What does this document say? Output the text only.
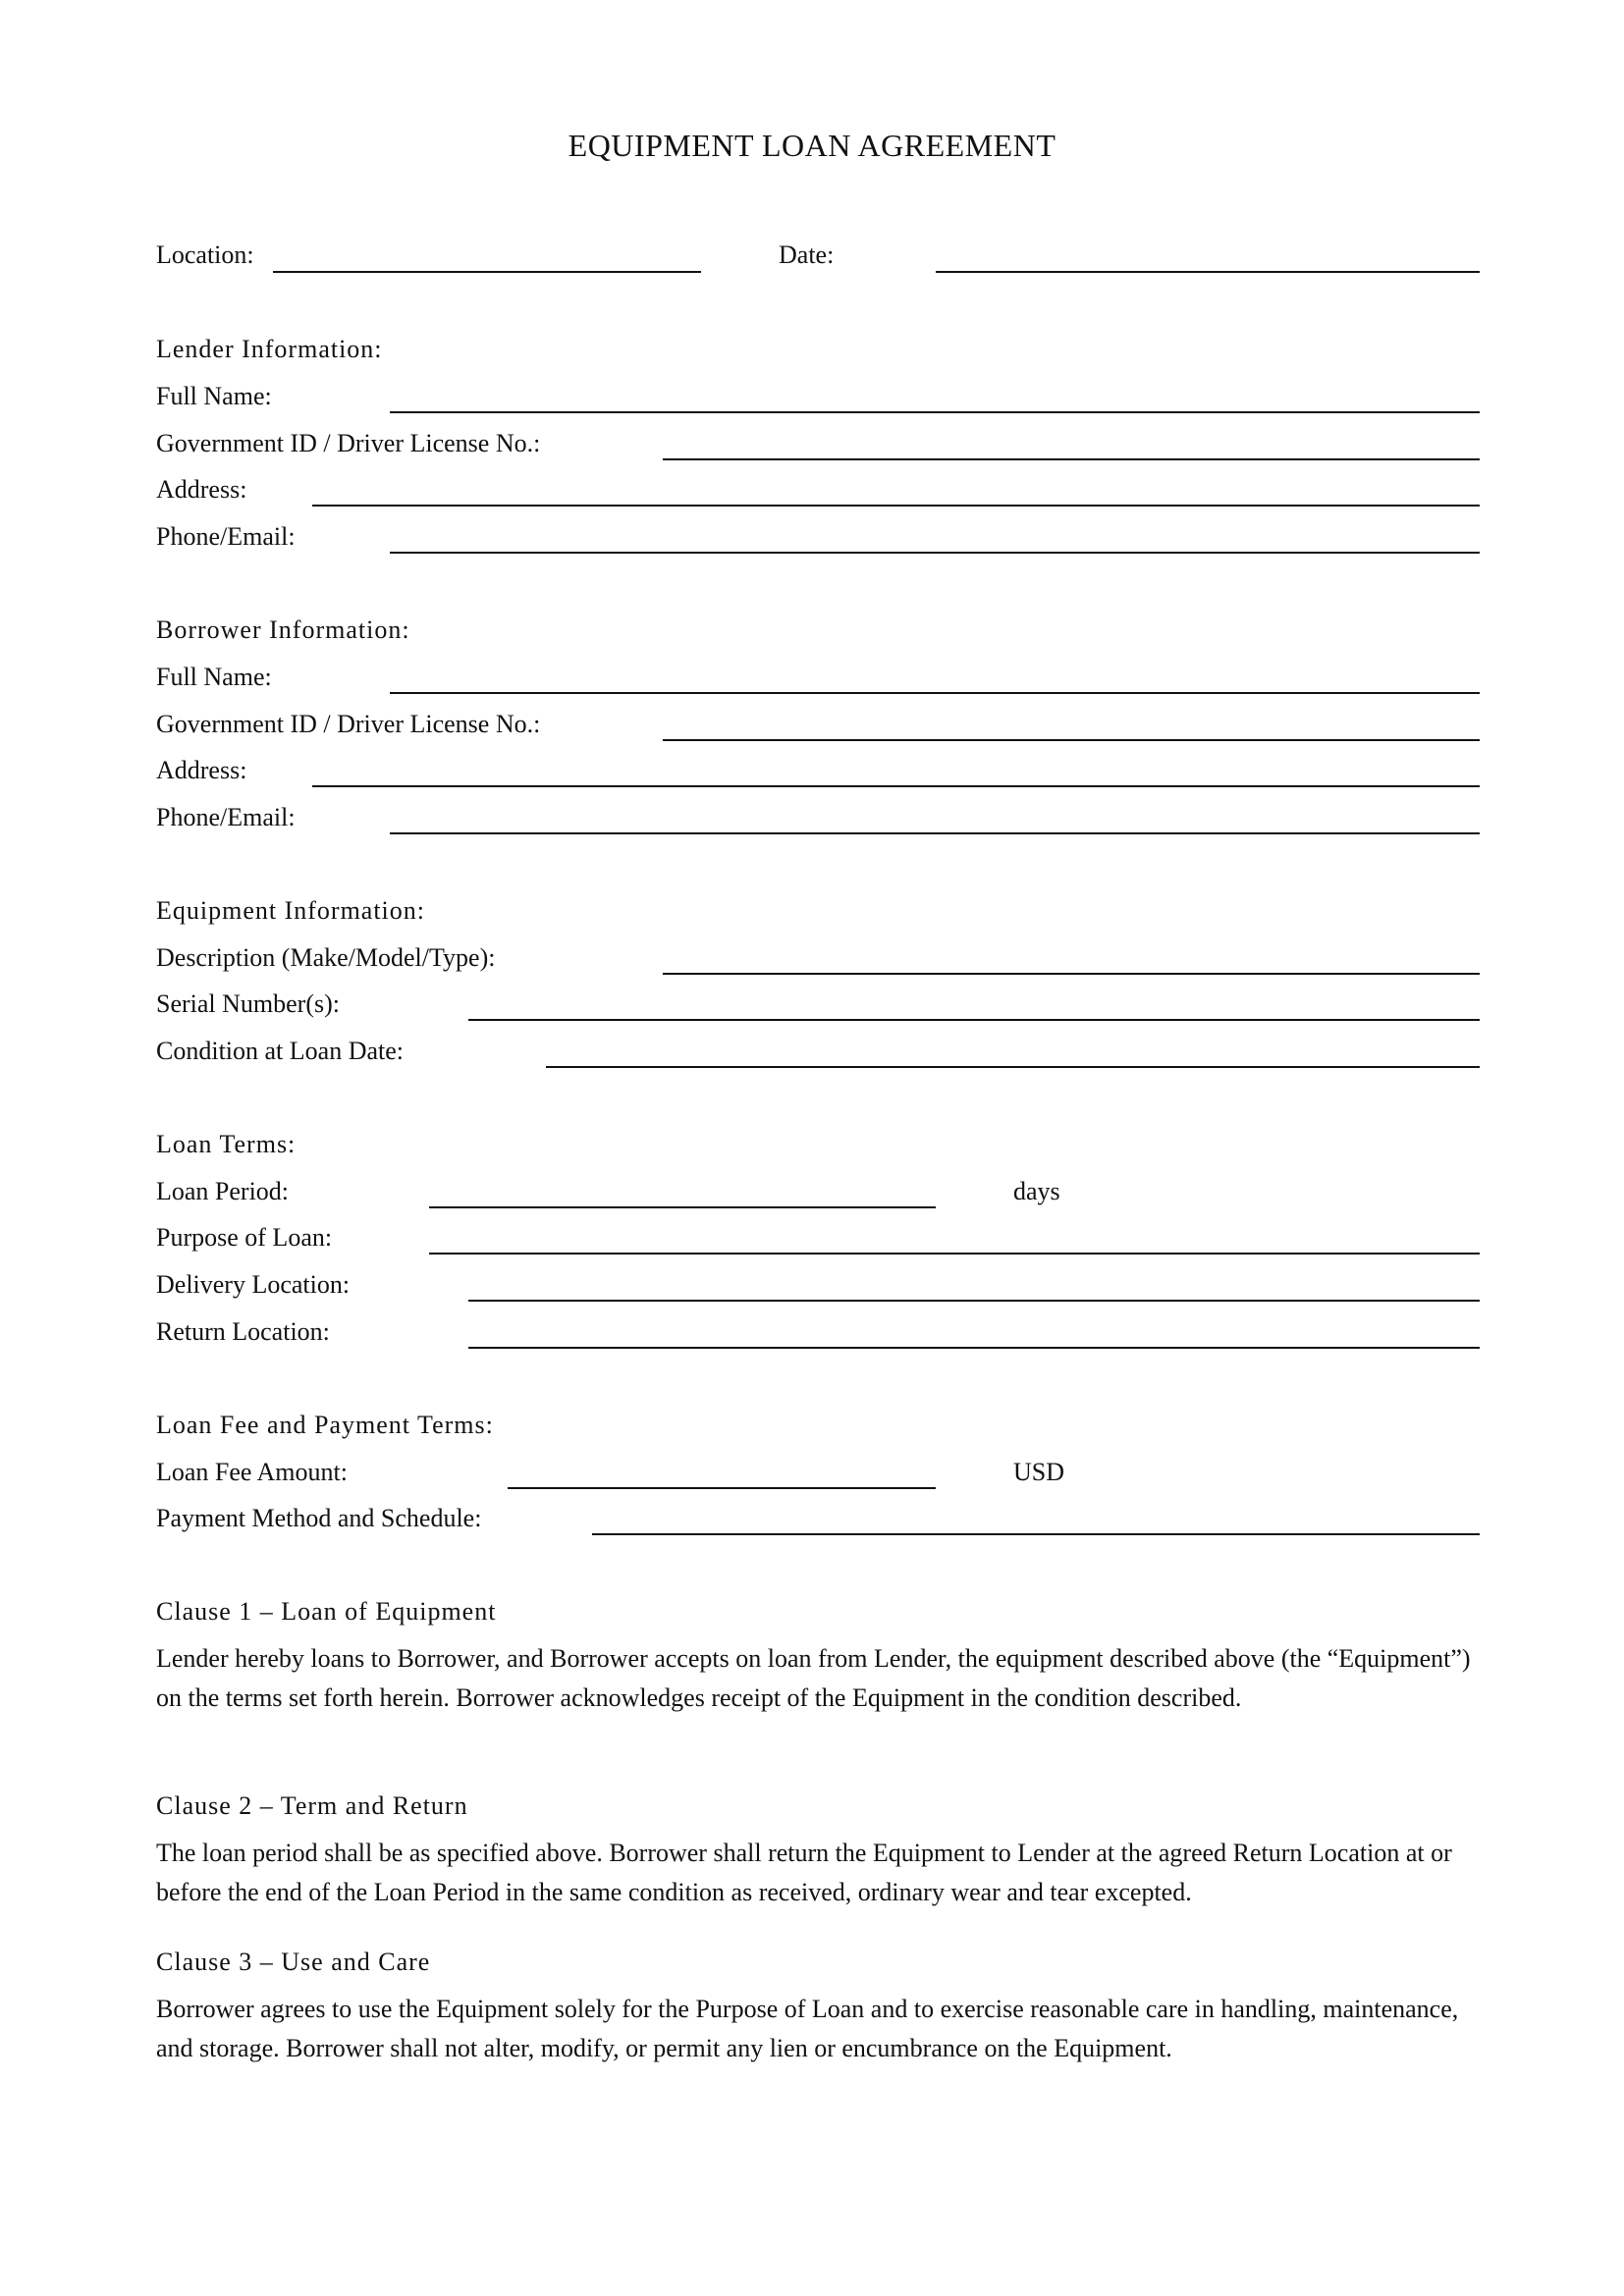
EQUIPMENT LOAN AGREEMENT
Location:	Date:
Lender Information:
Full Name:
Government ID / Driver License No.:
Address:
Phone/Email:
Borrower Information:
Full Name:
Government ID / Driver License No.:
Address:
Phone/Email:
Equipment Information:
Description (Make/Model/Type):
Serial Number(s):
Condition at Loan Date:
Loan Terms:
Loan Period:	days
Purpose of Loan:
Delivery Location:
Return Location:
Loan Fee and Payment Terms:
Loan Fee Amount:	USD
Payment Method and Schedule:
Clause 1 – Loan of Equipment
Lender hereby loans to Borrower, and Borrower accepts on loan from Lender, the equipment described above (the “Equipment”) on the terms set forth herein. Borrower acknowledges receipt of the Equipment in the condition described.
Clause 2 – Term and Return
The loan period shall be as specified above. Borrower shall return the Equipment to Lender at the agreed Return Location at or before the end of the Loan Period in the same condition as received, ordinary wear and tear excepted.
Clause 3 – Use and Care
Borrower agrees to use the Equipment solely for the Purpose of Loan and to exercise reasonable care in handling, maintenance, and storage. Borrower shall not alter, modify, or permit any lien or encumbrance on the Equipment.
